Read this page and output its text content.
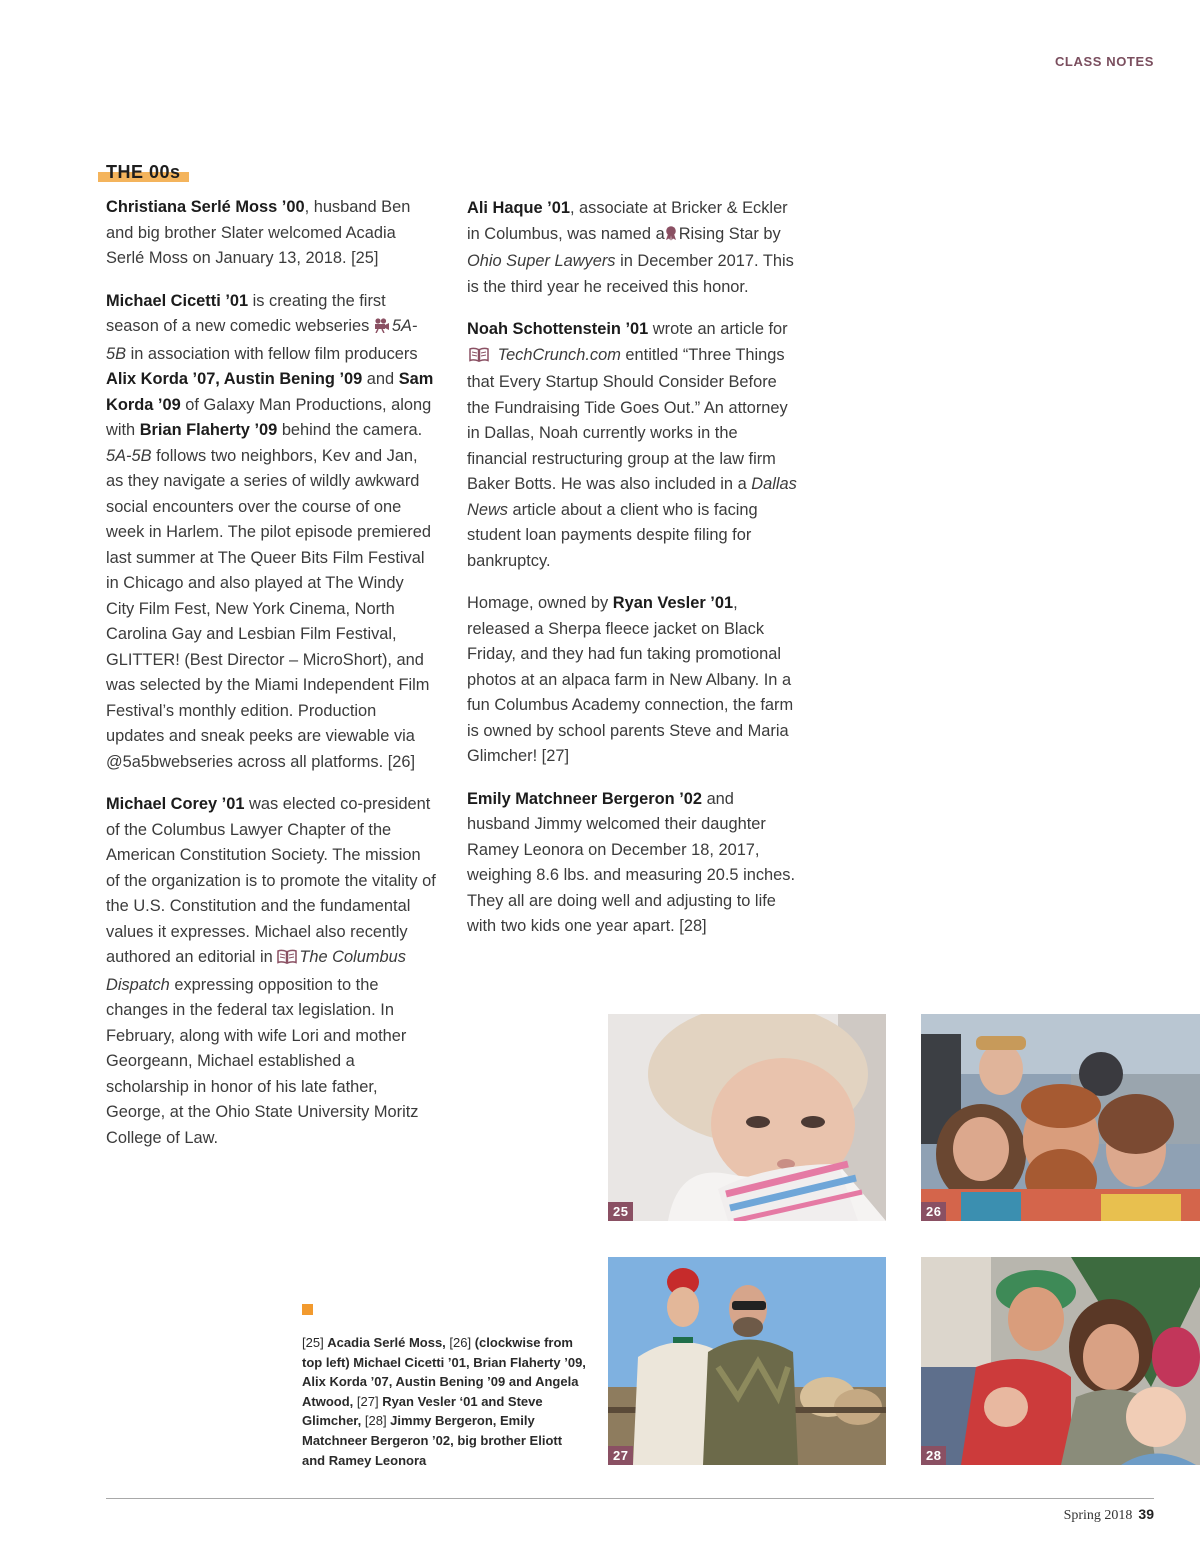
CLASS NOTES
THE 00s

Christiana Serlé Moss ’00, husband Ben and big brother Slater welcomed Acadia Serlé Moss on January 13, 2018. [25]

Michael Cicetti ’01 is creating the first season of a new comedic webseries 5A-5B in association with fellow film producers Alix Korda ’07, Austin Bening ’09 and Sam Korda ’09 of Galaxy Man Productions, along with Brian Flaherty ’09 behind the camera. 5A-5B follows two neighbors, Kev and Jan, as they navigate a series of wildly awkward social encounters over the course of one week in Harlem. The pilot episode premiered last summer at The Queer Bits Film Festival in Chicago and also played at The Windy City Film Fest, New York Cinema, North Carolina Gay and Lesbian Film Festival, GLITTER! (Best Director – MicroShort), and was selected by the Miami Independent Film Festival’s monthly edition. Production updates and sneak peeks are viewable via @5a5bwebseries across all platforms. [26]

Michael Corey ’01 was elected co-president of the Columbus Lawyer Chapter of the American Constitution Society. The mission of the organization is to promote the vitality of the U.S. Constitution and the fundamental values it expresses. Michael also recently authored an editorial in The Columbus Dispatch expressing opposition to the changes in the federal tax legislation. In February, along with wife Lori and mother Georgeann, Michael established a scholarship in honor of his late father, George, at the Ohio State University Moritz College of Law.

Ali Haque ’01, associate at Bricker & Eckler in Columbus, was named a Rising Star by Ohio Super Lawyers in December 2017. This is the third year he received this honor.

Noah Schottenstein ’01 wrote an article for  TechCrunch.com entitled “Three Things that Every Startup Should Consider Before the Fundraising Tide Goes Out.” An attorney in Dallas, Noah currently works in the financial restructuring group at the law firm Baker Botts. He was also included in a Dallas News article about a client who is facing student loan payments despite filing for bankruptcy.

Homage, owned by Ryan Vesler ’01, released a Sherpa fleece jacket on Black Friday, and they had fun taking promotional photos at an alpaca farm in New Albany. In a fun Columbus Academy connection, the farm is owned by school parents Steve and Maria Glimcher! [27]

Emily Matchneer Bergeron ’02 and husband Jimmy welcomed their daughter Ramey Leonora on December 18, 2017, weighing 8.6 lbs. and measuring 20.5 inches. They all are doing well and adjusting to life with two kids one year apart. [28]

25	26
27	28
[25] Acadia Serlé Moss, [26] (clockwise from top left) Michael Cicetti ’01, Brian Flaherty ’09, Alix Korda ’07, Austin Bening ’09 and Angela Atwood, [27] Ryan Vesler ‘01 and Steve Glimcher, [28] Jimmy Bergeron, Emily Matchneer Bergeron ’02, big brother Eliott and Ramey Leonora
Spring 2018 39
